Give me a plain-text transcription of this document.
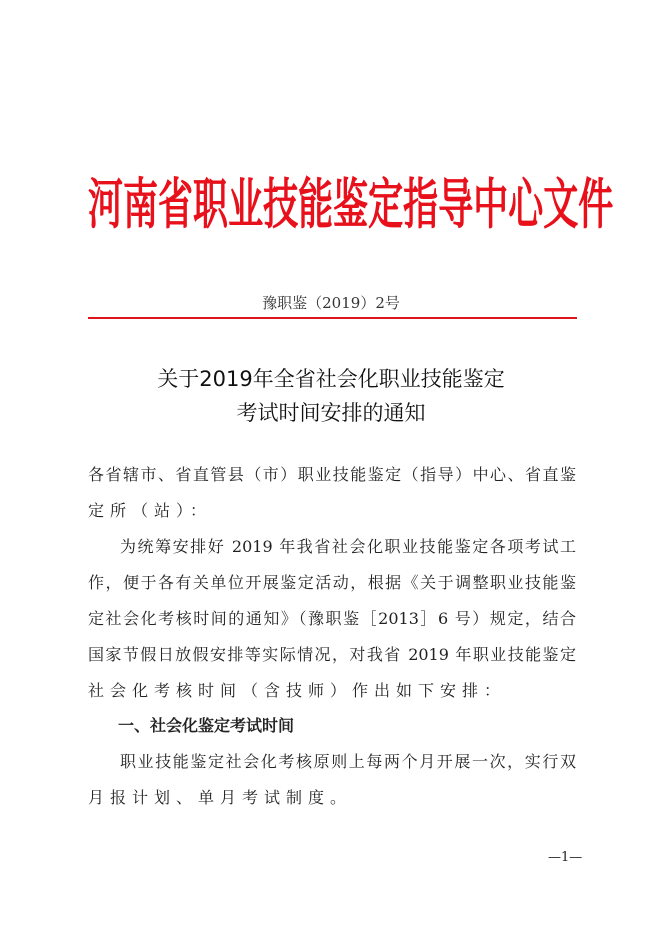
河南省职业技能鉴定指导中心文件
豫职鉴（2019）2号
关于2019年全省社会化职业技能鉴定
考试时间安排的通知
各省辖市、省直管县（市）职业技能鉴定（指导）中心、省直鉴
定所（站）：
为统筹安排好 2019 年我省社会化职业技能鉴定各项考试工
作，便于各有关单位开展鉴定活动，根据《关于调整职业技能鉴
定社会化考核时间的通知》（豫职鉴［2013］6 号）规定，结合
国家节假日放假安排等实际情况，对我省 2019 年职业技能鉴定
社会化考核时间（含技师）作出如下安排：
一、社会化鉴定考试时间
职业技能鉴定社会化考核原则上每两个月开展一次，实行双
月报计划、单月考试制度。
—1—
